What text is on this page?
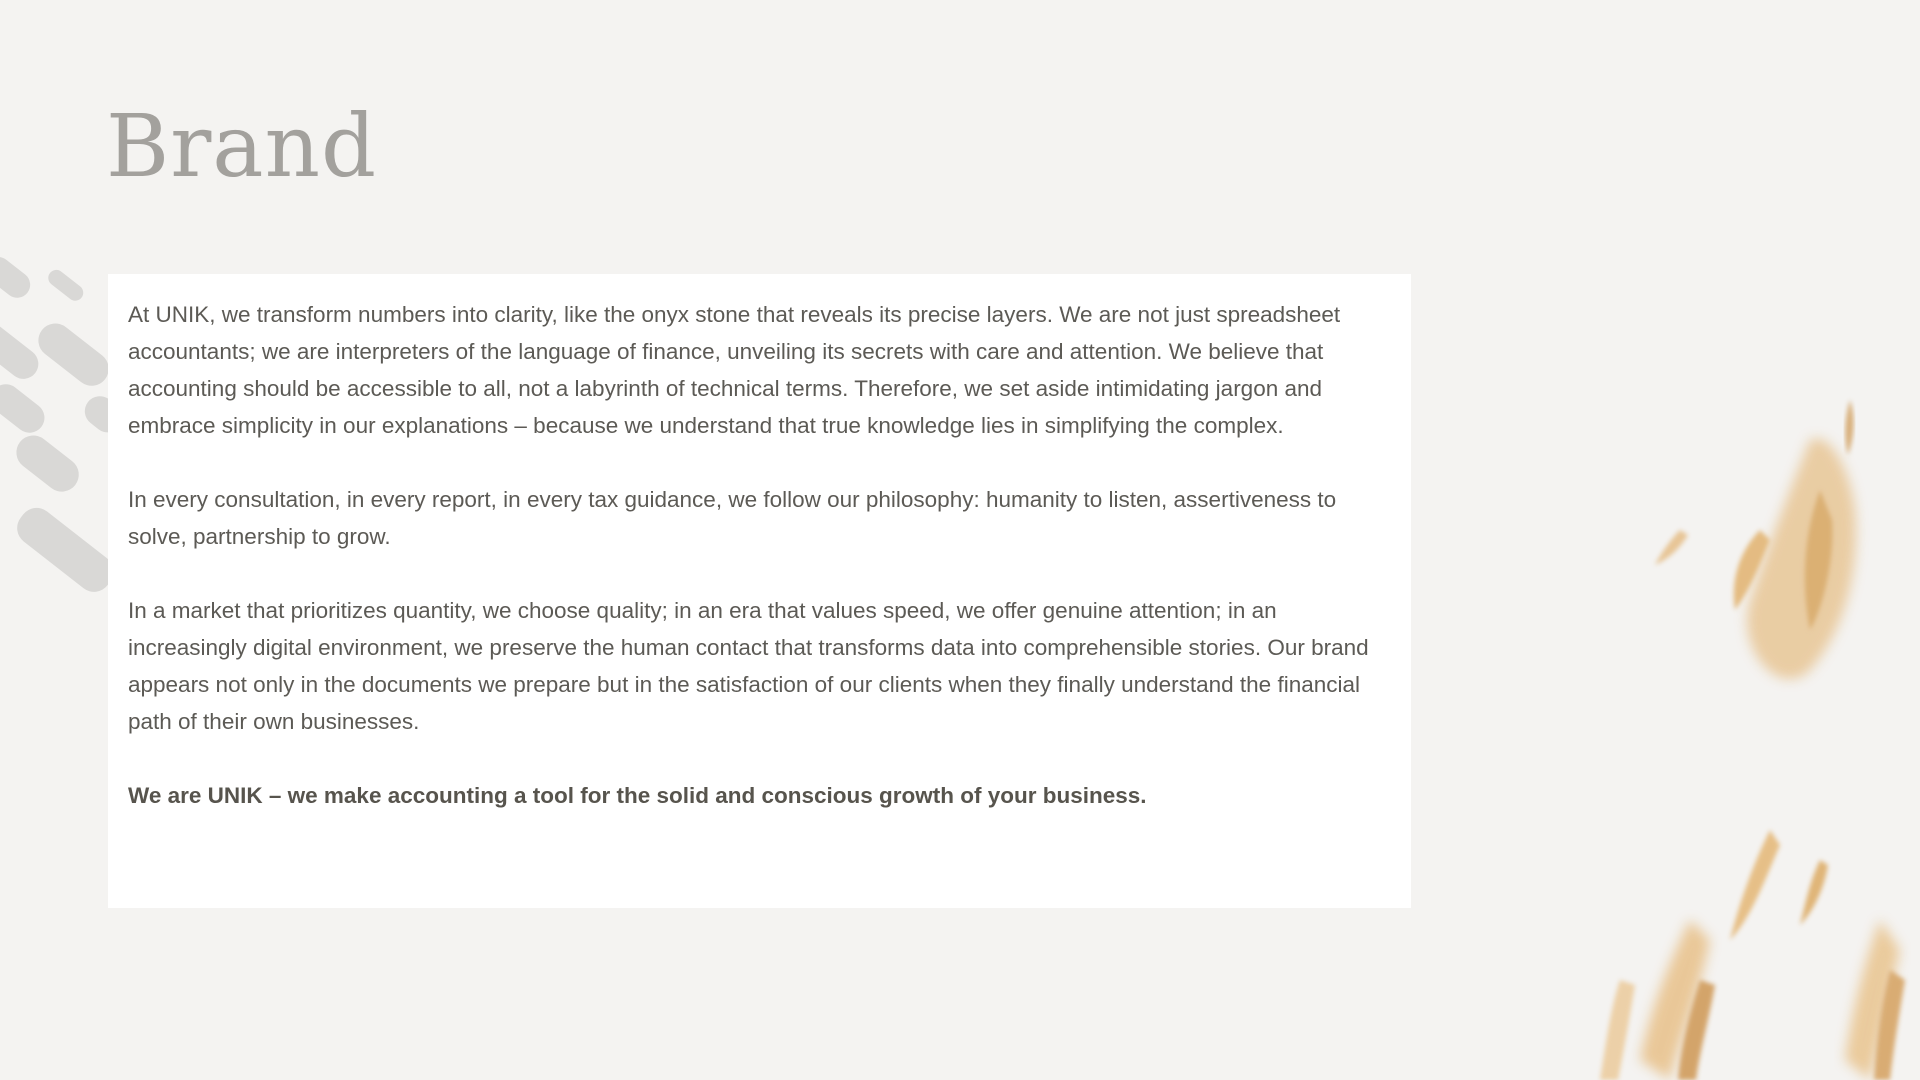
Brand

At UNIK, we transform numbers into clarity, like the onyx stone that reveals its precise layers. We are not just spreadsheet accountants; we are interpreters of the language of finance, unveiling its secrets with care and attention. We believe that accounting should be accessible to all, not a labyrinth of technical terms. Therefore, we set aside intimidating jargon and embrace simplicity in our explanations – because we understand that true knowledge lies in simplifying the complex.

In every consultation, in every report, in every tax guidance, we follow our philosophy: humanity to listen, assertiveness to solve, partnership to grow.

In a market that prioritizes quantity, we choose quality; in an era that values speed, we offer genuine attention; in an increasingly digital environment, we preserve the human contact that transforms data into comprehensible stories. Our brand appears not only in the documents we prepare but in the satisfaction of our clients when they finally understand the financial path of their own businesses.

We are UNIK – we make accounting a tool for the solid and conscious growth of your business.
